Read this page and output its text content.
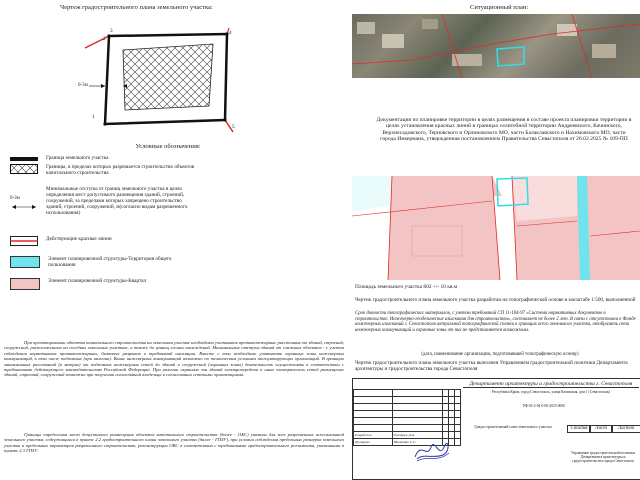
Чертеж градостроительного плана земельного участка:
0-3м
1
2
3	4
5
Условные обозначения:
Граница земельного участка
Границы, в пределах которых разрешается строительство объектов капитального строительства
0-3м
Минимальные отступы от границ земельного участка в целях определения мест допустимого размещения зданий, строений, сооружений, за пределами которых запрещено строительство зданий, строений, сооружений, м(согласно видам разрешенного использования)
Действующие красные линии
Элемент планировочной структуры-Территория общего пользования
Элемент планировочной структуры-Квартал
При проектировании объектов капитального строительства на земельном участке необходимо учитывать противопожарные расстояния от зданий, строений, сооружений, расположенных на соседних земельных участках, а также до границ лесных насаждений. Минимальные отступы зданий от смежных объектов - с учетом соблюдения нормативных противопожарных, бытовых разрывов и требований инсоляции. Вместе с тем необходимо учитывать охранные зоны инженерных коммуникаций, в том числе подземных (при наличии). Выше инженерных коммуникаций возможно по техническим условиям эксплуатирующих организаций. В границах минимальных расстояний (в метрах) от подземных инженерных сетей до зданий и сооружений (охранных зонах) деятельность осуществлять в соответствии с требованиями действующего законодательства Российской Федерации. При наличии охранных зон зданий электропередачи и иных электрических сетей размещение зданий, строений, сооружений возможно при получении согласований владельца и согласовании сетевыми организациями.
Границы определения мест допустимого размещения объектов капитального строительства (далее - ОКС) указаны для всех разрешенных использований земельного участка, содержащихся в пункте 2.2 градостроительного плана земельного участка (далее - ГПЗУ), при условии соблюдения предельных размеров земельного участка и предельных параметров разрешенного строительства, реконструкции ОКС в соответствии с требованиями градостроительного регламента, указанными в пункте 2.3 ГПЗУ.
Ситуационный план:
Документация по планировке территории в целях размещения в составе проекта планировки территории в целях установления красных линий в границах селитебной территории Андреевского, Качинского, Верхнесадовского, Терновского и Орлиновского МО, части Балаклавского и Нахимовского МО, части города Инкермана, утвержденная постановлением Правительства Севастополя от 26.02.2025 № 109-ПП
Площадь земельного участка 802 +/- 10 кв.м
Чертеж градостроительного плана земельного участка разработан на топографической основе в масштабе 1:500, выполненной
Срок давности топографических материалов, с учетом требований СП 11-104-97 «Система нормативных документов в строительстве. Инженерно-геодезические изыскания для строительства», составляет не более 2 лет. В связи с отсутствием в Фонде инженерных изысканий г. Севастополя актуальной топографической съемки в границах всего земельного участка, отобразить сети инженерных коммуникаций и охранные зоны от них не представляется возможным.
(дата, наименование организации, подготовившей топографическую основу)
Чертеж градостроительного плана земельного участка выполнен Управлением градостроительной политики Департамента архитектуры и градостроительства города Севастополя
Департамент архитектуры и градостроительства г. Севастополя
Республика Крым, город Севастополь, улица Качинская, дом 1 (Севастополь)

Разработал	Гончарук Д.А.			
Проверил	Шпаченко С.С.			
Градостроительный план земельного участка
РФ-92-2-04-0-00-2025-0000
Стадия	Лист	Листов
Управление градостроительной политики Департамента архитектуры и градостроительства города Севастополя
